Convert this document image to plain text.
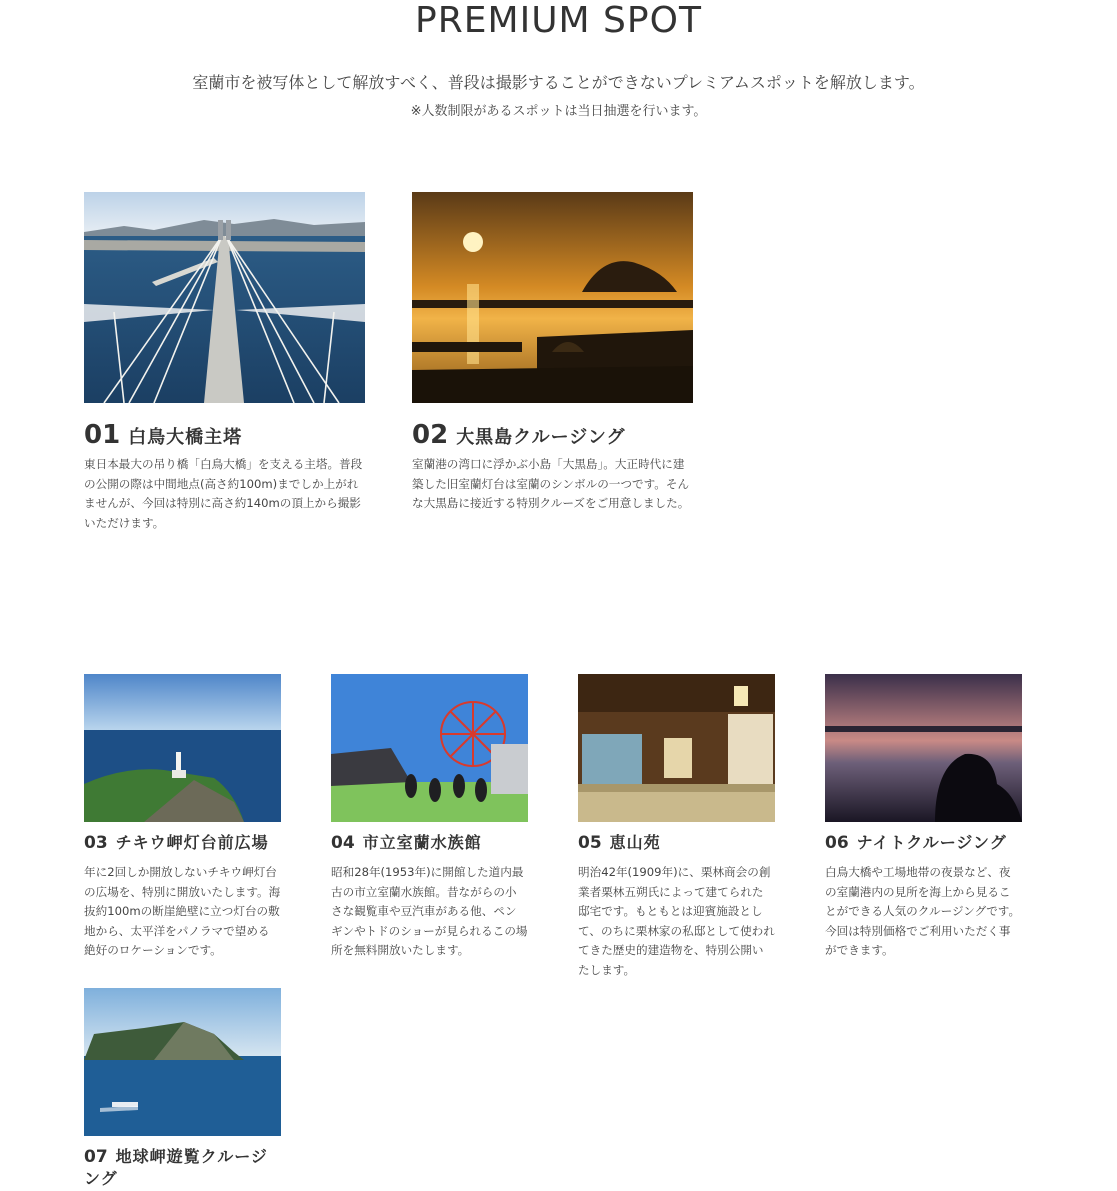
PREMIUM SPOT

室蘭市を被写体として解放すべく、普段は撮影することができないプレミアムスポットを解放します。

※人数制限があるスポットは当日抽選を行います。

01 白鳥大橋主塔

東日本最大の吊り橋「白鳥大橋」を支える主塔。普段の公開の際は中間地点(高さ約100m)までしか上がれませんが、今回は特別に高さ約140mの頂上から撮影いただけます。

02 大黒島クルージング

室蘭港の湾口に浮かぶ小島「大黒島」。大正時代に建築した旧室蘭灯台は室蘭のシンボルの一つです。そんな大黒島に接近する特別クルーズをご用意しました。

03 チキウ岬灯台前広場

年に2回しか開放しないチキウ岬灯台の広場を、特別に開放いたします。海抜約100mの断崖絶壁に立つ灯台の敷地から、太平洋をパノラマで望める絶好のロケーションです。

04 市立室蘭水族館

昭和28年(1953年)に開館した道内最古の市立室蘭水族館。昔ながらの小さな観覧車や豆汽車がある他、ペンギンやトドのショーが見られるこの場所を無料開放いたします。

05 恵山苑

明治42年(1909年)に、栗林商会の創業者栗林五朔氏によって建てられた邸宅です。もともとは迎賓施設として、のちに栗林家の私邸として使われてきた歴史的建造物を、特別公開いたします。

06 ナイトクルージング

白鳥大橋や工場地帯の夜景など、夜の室蘭港内の見所を海上から見ることができる人気のクルージングです。今回は特別価格でご利用いただく事ができます。

07 地球岬遊覧クルージング
